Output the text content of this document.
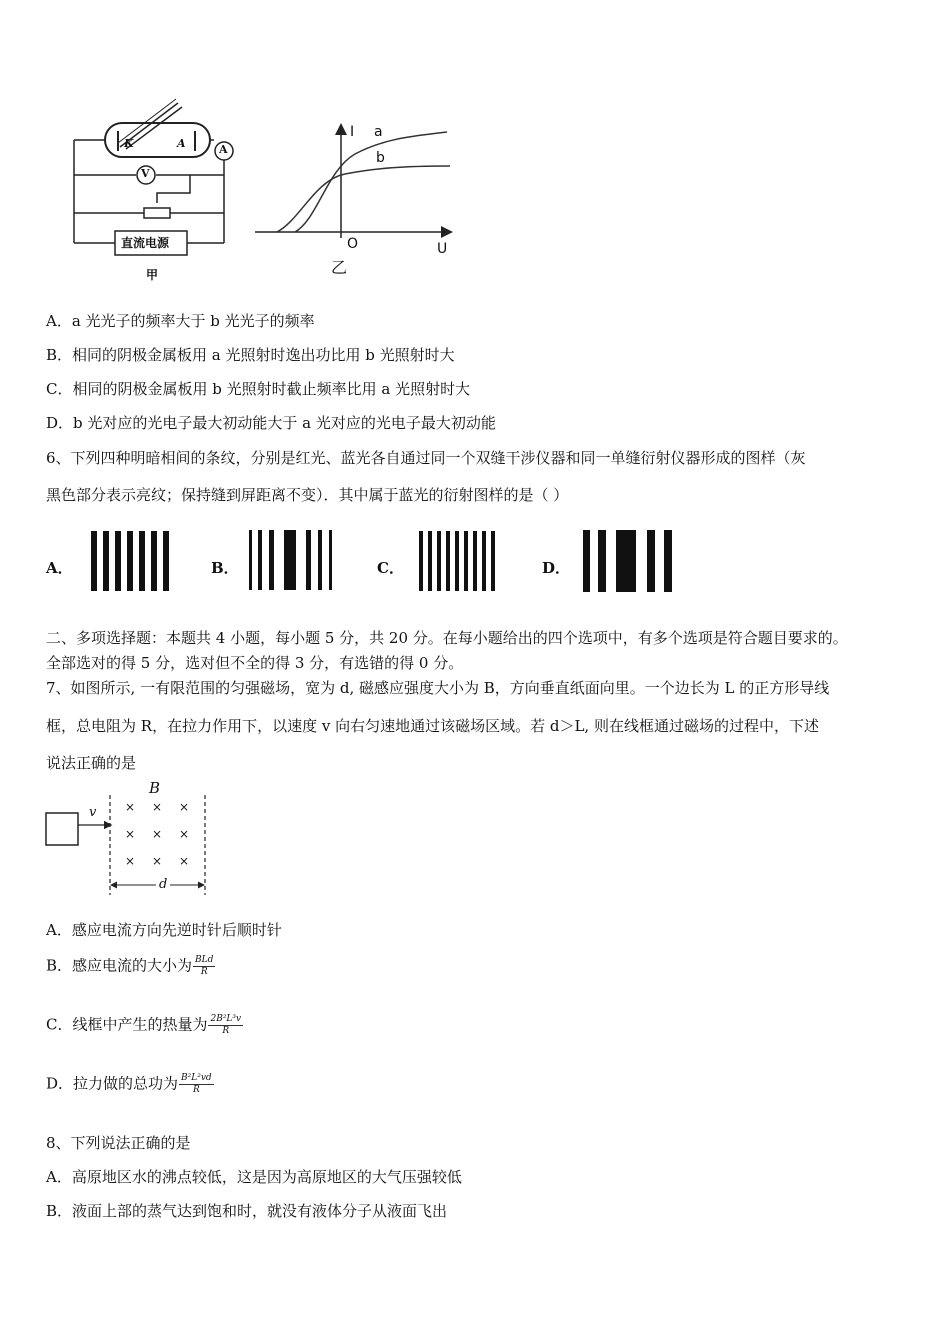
K	A	A
V
直流电源
甲
I a
b
O	U
乙
A．a 光光子的频率大于 b 光光子的频率
B．相同的阴极金属板用 a 光照射时逸出功比用 b 光照射时大
C．相同的阴极金属板用 b 光照射时截止频率比用 a 光照射时大
D．b 光对应的光电子最大初动能大于 a 光对应的光电子最大初动能
6、下列四种明暗相间的条纹，分别是红光、蓝光各自通过同一个双缝干涉仪器和同一单缝衍射仪器形成的图样（灰
黑色部分表示亮纹；保持缝到屏距离不变）．其中属于蓝光的衍射图样的是（ ）
A．	B．	C．	D．
二、多项选择题：本题共 4 小题，每小题 5 分，共 20 分。在每小题给出的四个选项中，有多个选项是符合题目要求的。
全部选对的得 5 分，选对但不全的得 3 分，有选错的得 0 分。
7、如图所示, 一有限范围的匀强磁场，宽为 d, 磁感应强度大小为 B，方向垂直纸面向里。一个边长为 L 的正方形导线
框，总电阻为 R，在拉力作用下，以速度 v 向右匀速地通过该磁场区域。若 d＞L, 则在线框通过磁场的过程中，下述
说法正确的是
B
v
d
× × ×
× × ×
× × ×
A．感应电流方向先逆时针后顺时针
B．感应电流的大小为 $\frac{\text{BLd}}{R}$
C．线框中产生的热量为 $\frac{\text{2B²L³v}}{R}$
D．拉力做的总功为 $\frac{\text{B²L²vd}}{R}$
8、下列说法正确的是
A．高原地区水的沸点较低，这是因为高原地区的大气压强较低
B．液面上部的蒸气达到饱和时，就没有液体分子从液面飞出
